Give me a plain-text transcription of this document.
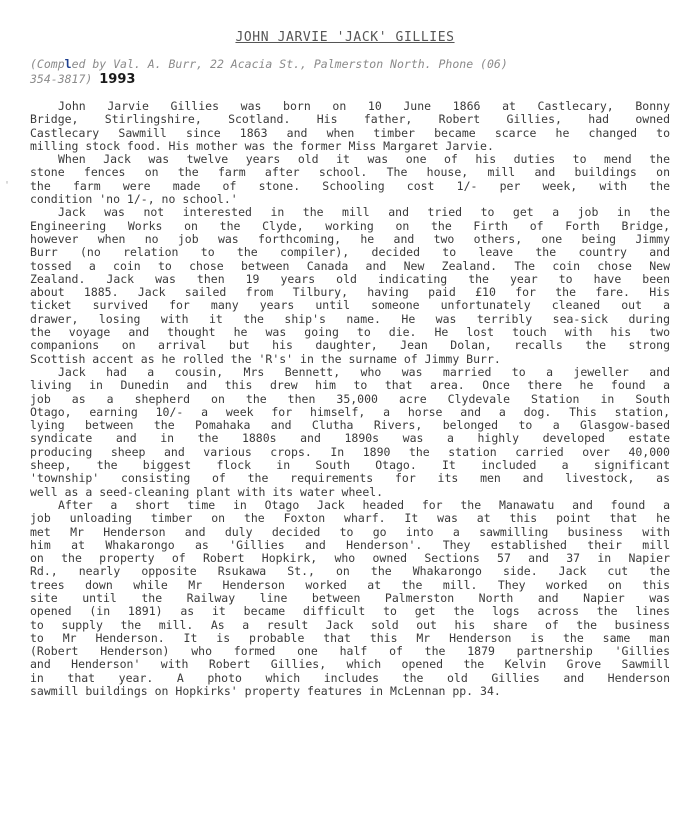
JOHN JARVIE 'JACK' GILLIES
(Compled by Val. A. Burr, 22 Acacia St., Palmerston North. Phone (06)
354-3817) 1993
'
John Jarvie Gillies was born on 10 June 1866 at Castlecary, Bonny
Bridge, Stirlingshire, Scotland. His father, Robert Gillies, had owned
Castlecary Sawmill since 1863 and when timber became scarce he changed to
milling stock food. His mother was the former Miss Margaret Jarvie.
When Jack was twelve years old it was one of his duties to mend the
stone fences on the farm after school. The house, mill and buildings on
the farm were made of stone. Schooling cost 1/- per week, with the
condition 'no 1/-, no school.'
Jack was not interested in the mill and tried to get a job in the
Engineering Works on the Clyde, working on the Firth of Forth Bridge,
however when no job was forthcoming, he and two others, one being Jimmy
Burr (no relation to the compiler), decided to leave the country and
tossed a coin to chose between Canada and New Zealand. The coin chose New
Zealand. Jack was then 19 years old indicating the year to have been
about 1885. Jack sailed from Tilbury, having paid £10 for the fare. His
ticket survived for many years until someone unfortunately cleaned out a
drawer, losing with it the ship's name. He was terribly sea-sick during
the voyage and thought he was going to die. He lost touch with his two
companions on arrival but his daughter, Jean Dolan, recalls the strong
Scottish accent as he rolled the 'R's' in the surname of Jimmy Burr.
Jack had a cousin, Mrs Bennett, who was married to a jeweller and
living in Dunedin and this drew him to that area. Once there he found a
job as a shepherd on the then 35,000 acre Clydevale Station in South
Otago, earning 10/- a week for himself, a horse and a dog. This station,
lying between the Pomahaka and Clutha Rivers, belonged to a Glasgow-based
syndicate and in the 1880s and 1890s was a highly developed estate
producing sheep and various crops. In 1890 the station carried over 40,000
sheep, the biggest flock in South Otago. It included a significant
'township' consisting of the requirements for its men and livestock, as
well as a seed-cleaning plant with its water wheel.
After a short time in Otago Jack headed for the Manawatu and found a
job unloading timber on the Foxton wharf. It was at this point that he
met Mr Henderson and duly decided to go into a sawmilling business with
him at Whakarongo as 'Gillies and Henderson'. They established their mill
on the property of Robert Hopkirk, who owned Sections 57 and 37 in Napier
Rd., nearly opposite Rsukawa St., on the Whakarongo side. Jack cut the
trees down while Mr Henderson worked at the mill. They worked on this
site until the Railway line between Palmerston North and Napier was
opened (in 1891) as it became difficult to get the logs across the lines
to supply the mill. As a result Jack sold out his share of the business
to Mr Henderson. It is probable that this Mr Henderson is the same man
(Robert Henderson) who formed one half of the 1879 partnership 'Gillies
and Henderson' with Robert Gillies, which opened the Kelvin Grove Sawmill
in that year. A photo which includes the old Gillies and Henderson
sawmill buildings on Hopkirks' property features in McLennan pp. 34.
